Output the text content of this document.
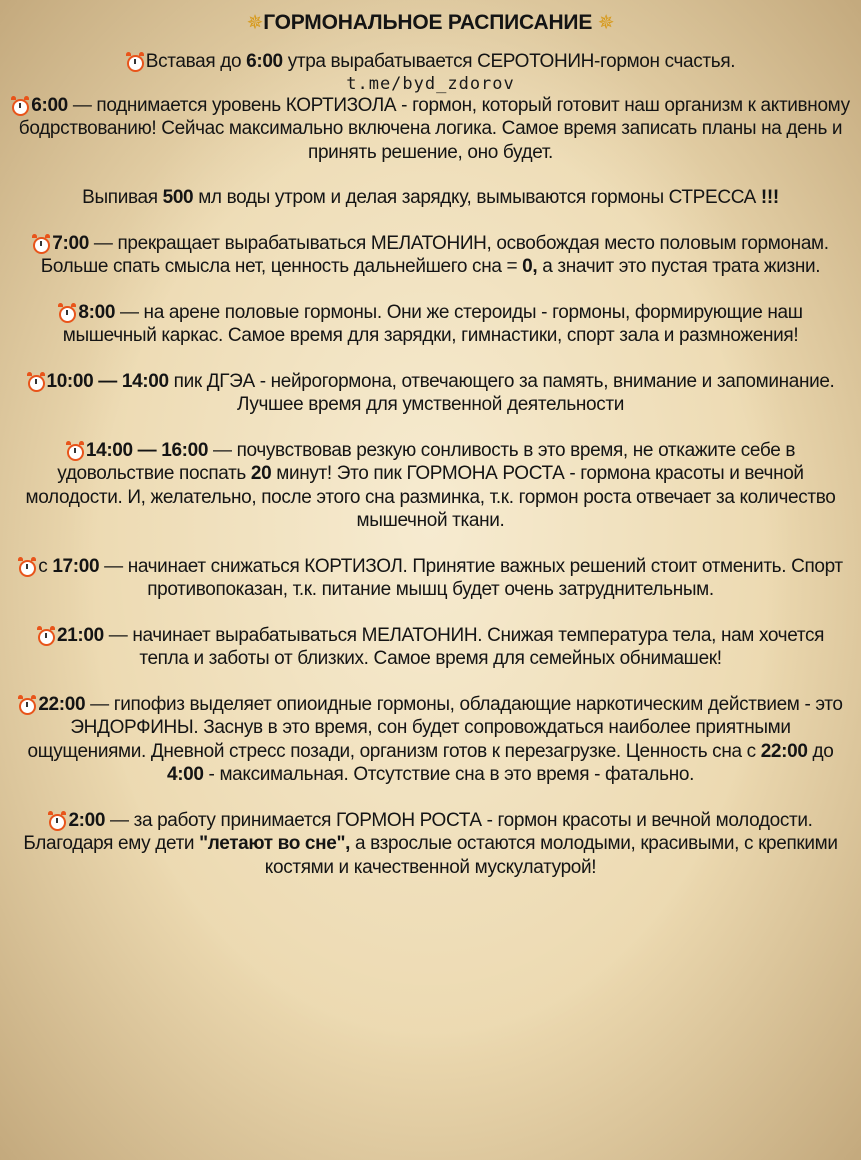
✵ГОРМОНАЛЬНОЕ РАСПИСАНИЕ ✵
Вставая до 6:00 утра вырабатывается СЕРОТОНИН-гормон счастья.
t.me/byd_zdorov
6:00 — поднимается уровень КОРТИЗОЛА - гормон, который готовит наш организм к активному бодрствованию! Сейчас максимально включена логика. Самое время записать планы на день и принять решение, оно будет.
Выпивая 500 мл воды утром и делая зарядку, вымываются гормоны СТРЕССА !!!
7:00 — прекращает вырабатываться МЕЛАТОНИН, освобождая место половым гормонам. Больше спать смысла нет, ценность дальнейшего сна = 0, а значит это пустая трата жизни.
8:00 — на арене половые гормоны. Они же стероиды - гормоны, формирующие наш мышечный каркас. Самое время для зарядки, гимнастики, спорт зала и размножения!
10:00 — 14:00 пик ДГЭА - нейрогормона, отвечающего за память, внимание и запоминание. Лучшее время для умственной деятельности
14:00 — 16:00 — почувствовав резкую сонливость в это время, не откажите себе в удовольствие поспать 20 минут! Это пик ГОРМОНА РОСТА - гормона красоты и вечной молодости. И, желательно, после этого сна разминка, т.к. гормон роста отвечает за количество мышечной ткани.
с 17:00 — начинает снижаться КОРТИЗОЛ. Принятие важных решений стоит отменить. Спорт противопоказан, т.к. питание мышц будет очень затруднительным.
21:00 — начинает вырабатываться МЕЛАТОНИН. Снижая температура тела, нам хочется тепла и заботы от близких. Самое время для семейных обнимашек!
22:00 — гипофиз выделяет опиоидные гормоны, обладающие наркотическим действием - это ЭНДОРФИНЫ. Заснув в это время, сон будет сопровождаться наиболее приятными ощущениями. Дневной стресс позади, организм готов к перезагрузке. Ценность сна с 22:00 до 4:00 - максимальная. Отсутствие сна в это время - фатально.
2:00 — за работу принимается ГОРМОН РОСТА - гормон красоты и вечной молодости. Благодаря ему дети "летают во сне", а взрослые остаются молодыми, красивыми, с крепкими костями и качественной мускулатурой!
